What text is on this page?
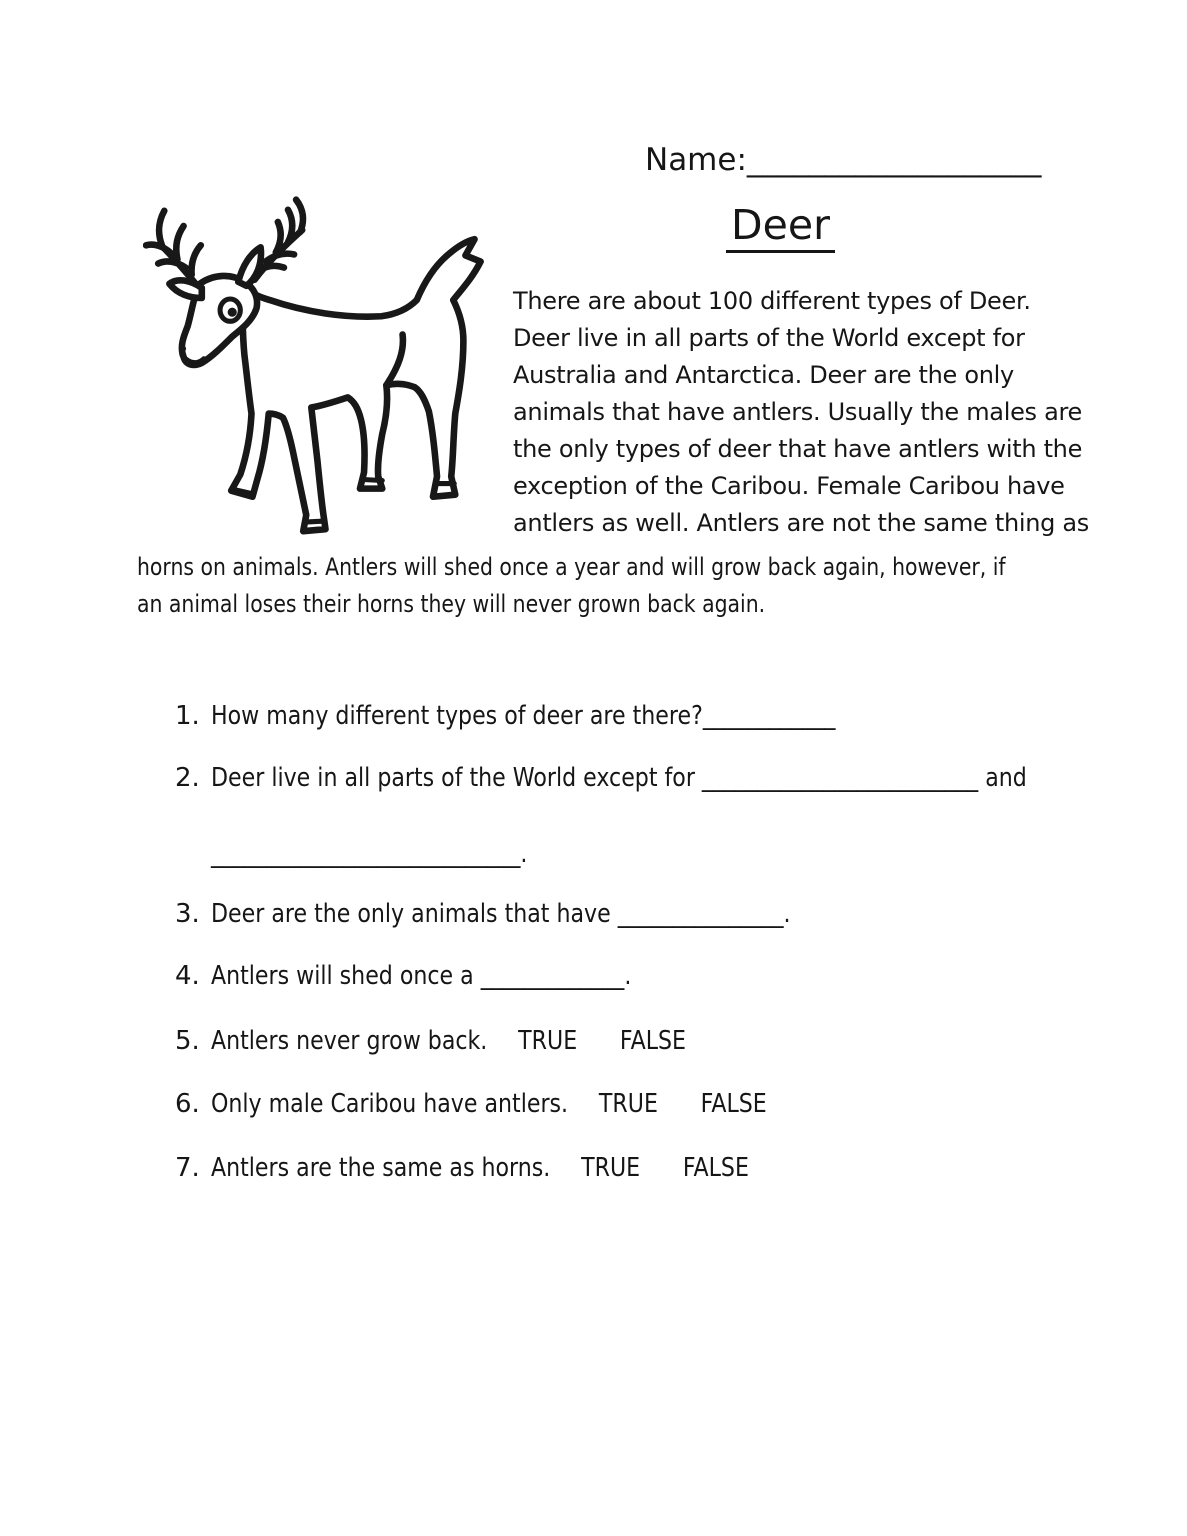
Name:___________________
Deer
There are about 100 different types of Deer.
Deer live in all parts of the World except for
Australia and Antarctica. Deer are the only
animals that have antlers. Usually the males are
the only types of deer that have antlers with the
exception of the Caribou. Female Caribou have
antlers as well. Antlers are not the same thing as
horns on animals. Antlers will shed once a year and will grow back again, however, if
an animal loses their horns they will never grown back again.
1. How many different types of deer are there?____________
2. Deer live in all parts of the World except for _________________________ and
____________________________.
3. Deer are the only animals that have _______________.
4. Antlers will shed once a _____________.
5. Antlers never grow back. TRUE FALSE
6. Only male Caribou have antlers. TRUE FALSE
7. Antlers are the same as horns. TRUE FALSE
